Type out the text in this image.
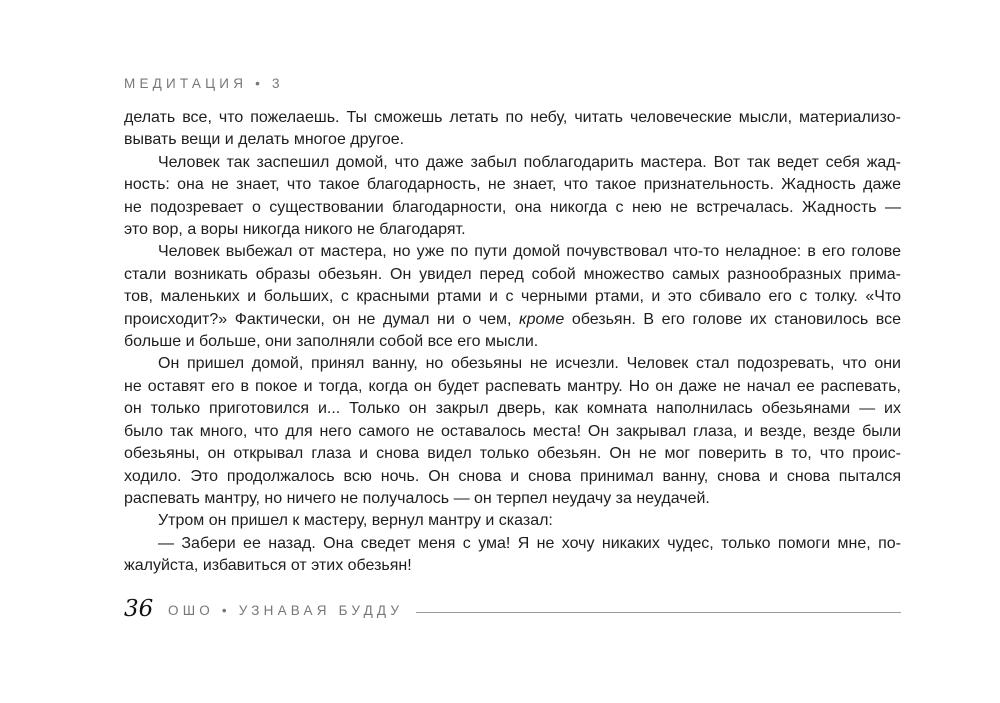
МЕДИТАЦИЯ • 3
делать все, что пожелаешь. Ты сможешь летать по небу, читать человеческие мысли, материализо-
вывать вещи и делать многое другое.
Человек так заспешил домой, что даже забыл поблагодарить мастера. Вот так ведет себя жад-
ность: она не знает, что такое благодарность, не знает, что такое признательность. Жадность даже
не подозревает о существовании благодарности, она никогда с нею не встречалась. Жадность —
это вор, а воры никогда никого не благодарят.
Человек выбежал от мастера, но уже по пути домой почувствовал что-то неладное: в его голове
стали возникать образы обезьян. Он увидел перед собой множество самых разнообразных прима-
тов, маленьких и больших, с красными ртами и с черными ртами, и это сбивало его с толку. «Что
происходит?» Фактически, он не думал ни о чем, кроме обезьян. В его голове их становилось все
больше и больше, они заполняли собой все его мысли.
Он пришел домой, принял ванну, но обезьяны не исчезли. Человек стал подозревать, что они
не оставят его в покое и тогда, когда он будет распевать мантру. Но он даже не начал ее распевать,
он только приготовился и... Только он закрыл дверь, как комната наполнилась обезьянами — их
было так много, что для него самого не оставалось места! Он закрывал глаза, и везде, везде были
обезьяны, он открывал глаза и снова видел только обезьян. Он не мог поверить в то, что проис-
ходило. Это продолжалось всю ночь. Он снова и снова принимал ванну, снова и снова пытался
распевать мантру, но ничего не получалось — он терпел неудачу за неудачей.
Утром он пришел к мастеру, вернул мантру и сказал:
— Забери ее назад. Она сведет меня с ума! Я не хочу никаких чудес, только помоги мне, по-
жалуйста, избавиться от этих обезьян!
36 ОШО • УЗНАВАЯ БУДДУ
